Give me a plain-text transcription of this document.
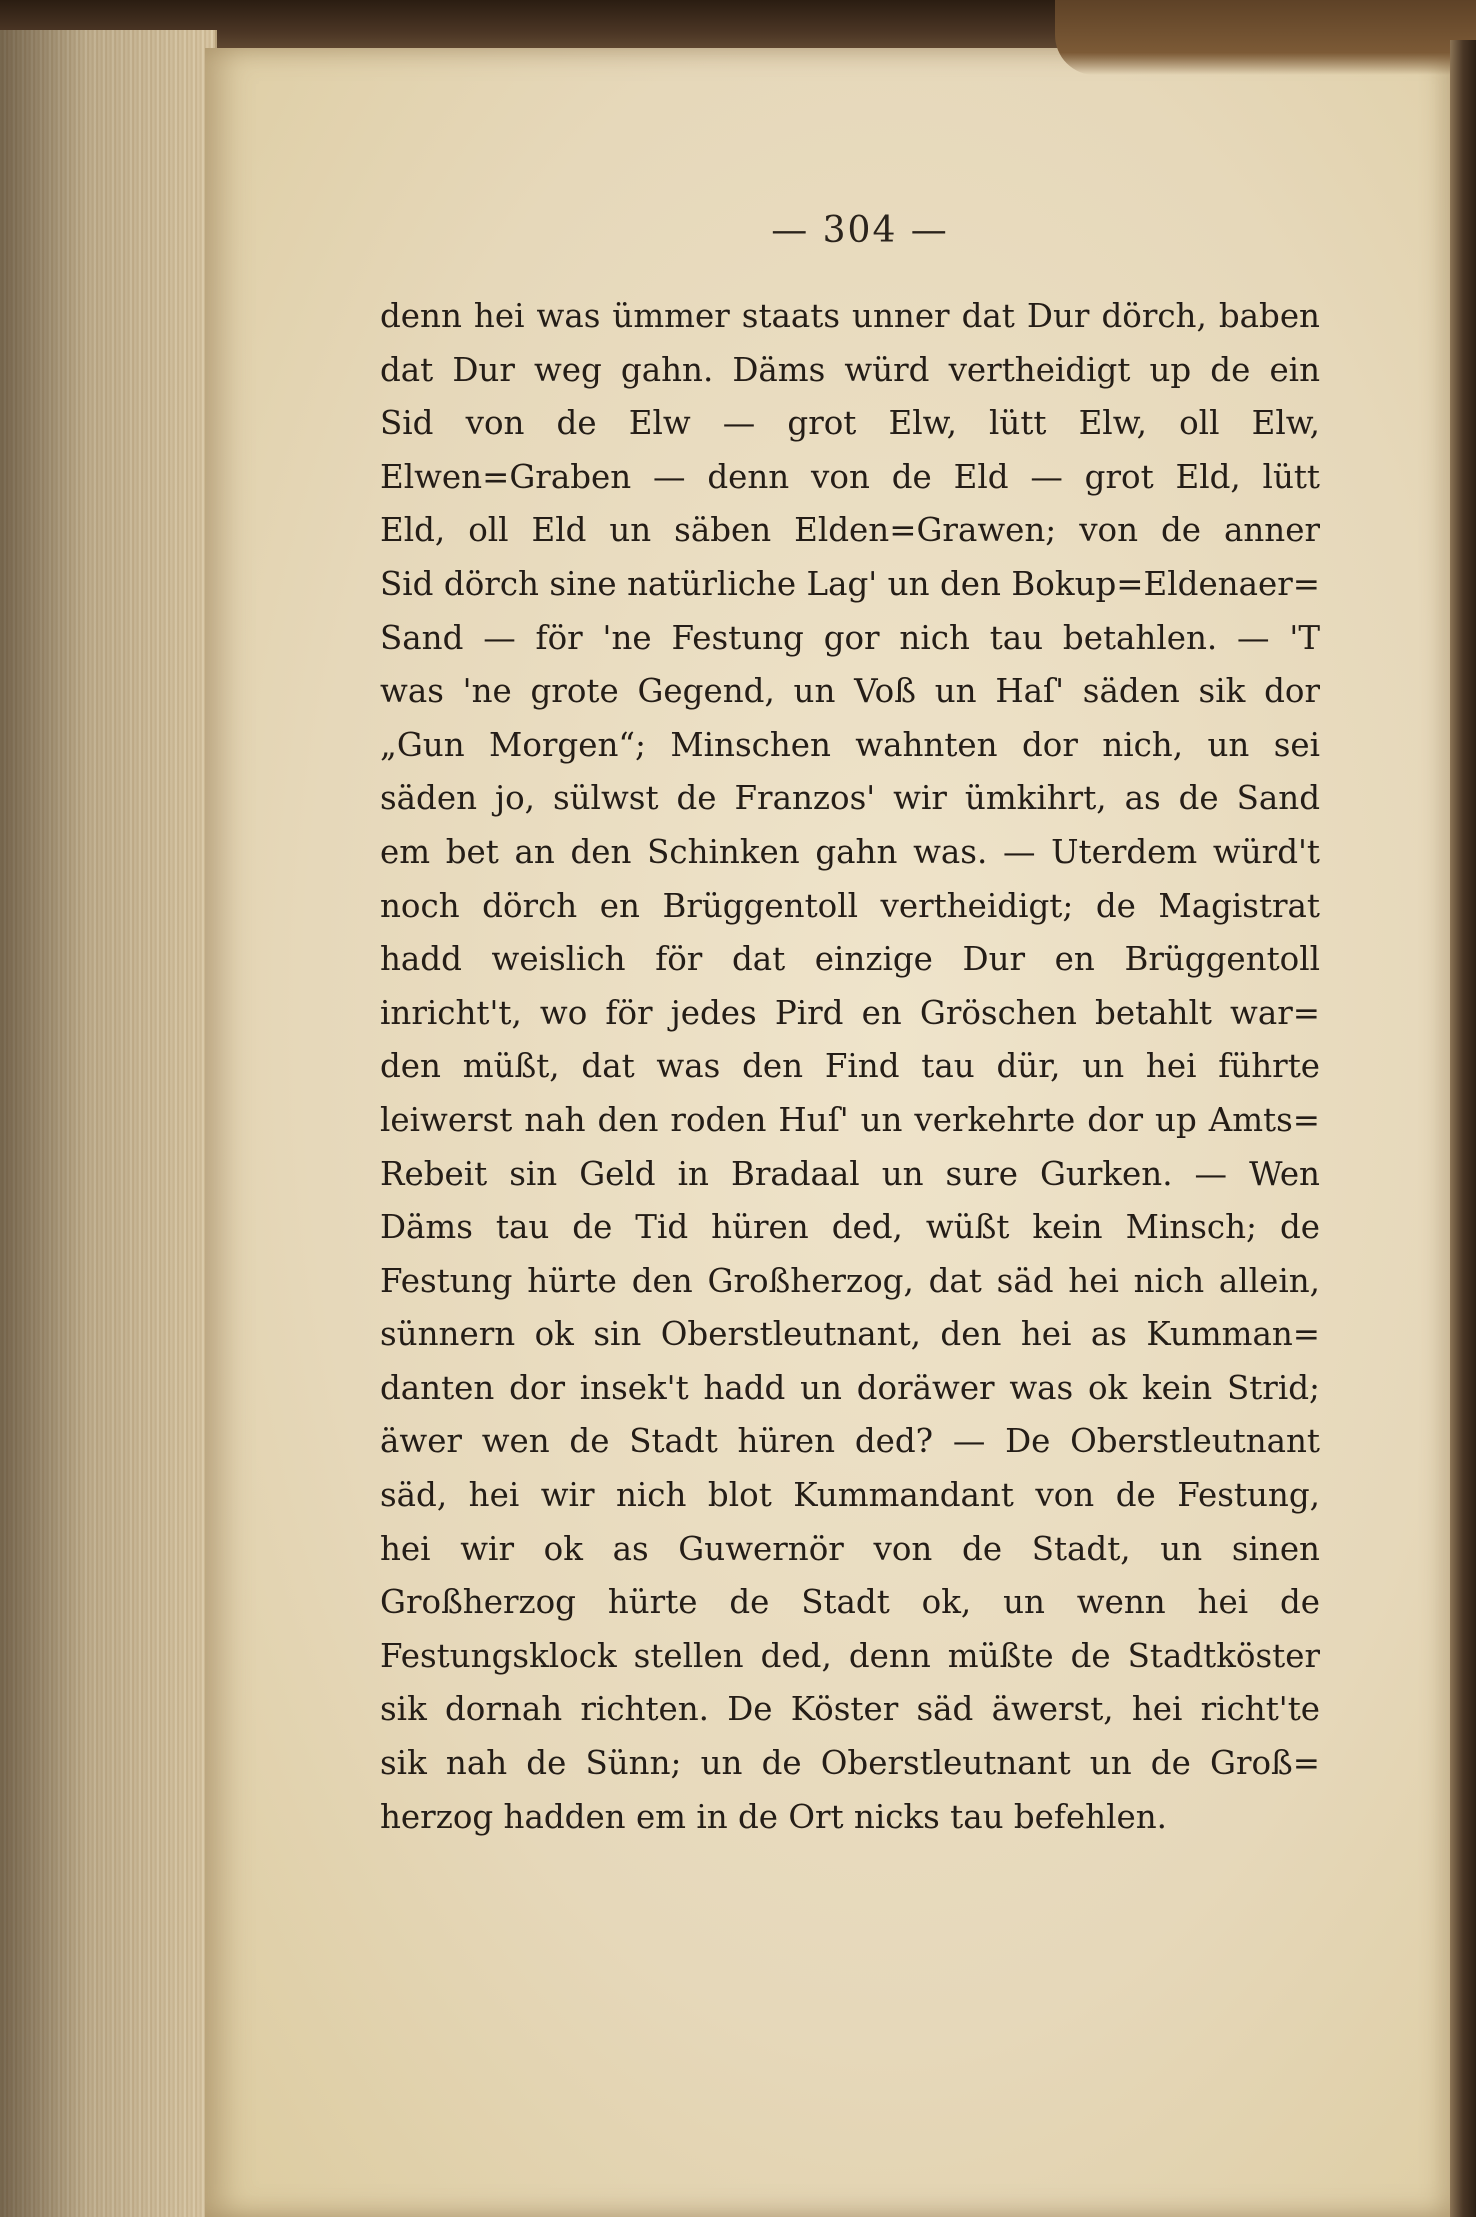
— 304 —
denn hei was ümmer staats unner dat Dur dörch, baben
dat Dur weg gahn. Däms würd vertheidigt up de ein
Sid von de Elw — grot Elw, lütt Elw, oll Elw,
Elwen=Graben — denn von de Eld — grot Eld, lütt
Eld, oll Eld un säben Elden=Grawen; von de anner
Sid dörch sine natürliche Lag' un den Bokup=Eldenaer=
Sand — för 'ne Festung gor nich tau betahlen. — 'T
was 'ne grote Gegend, un Voß un Haſ' säden sik dor
„Gun Morgen“; Minschen wahnten dor nich, un sei
säden jo, sülwst de Franzos' wir ümkihrt, as de Sand
em bet an den Schinken gahn was. — Uterdem würd't
noch dörch en Brüggentoll vertheidigt; de Magistrat
hadd weislich för dat einzige Dur en Brüggentoll
inricht't, wo för jedes Pird en Gröschen betahlt war=
den müßt, dat was den Find tau dür, un hei führte
leiwerst nah den roden Huſ' un verkehrte dor up Amts=
Rebeit sin Geld in Bradaal un sure Gurken. — Wen
Däms tau de Tid hüren ded, wüßt kein Minsch; de
Festung hürte den Großherzog, dat säd hei nich allein,
sünnern ok sin Oberstleutnant, den hei as Kumman=
danten dor insek't hadd un doräwer was ok kein Strid;
äwer wen de Stadt hüren ded? — De Oberstleutnant
säd, hei wir nich blot Kummandant von de Festung,
hei wir ok as Guwernör von de Stadt, un sinen
Großherzog hürte de Stadt ok, un wenn hei de
Festungsklock stellen ded, denn müßte de Stadtköster
sik dornah richten. De Köster säd äwerst, hei richt'te
sik nah de Sünn; un de Oberstleutnant un de Groß=
herzog hadden em in de Ort nicks tau befehlen.
